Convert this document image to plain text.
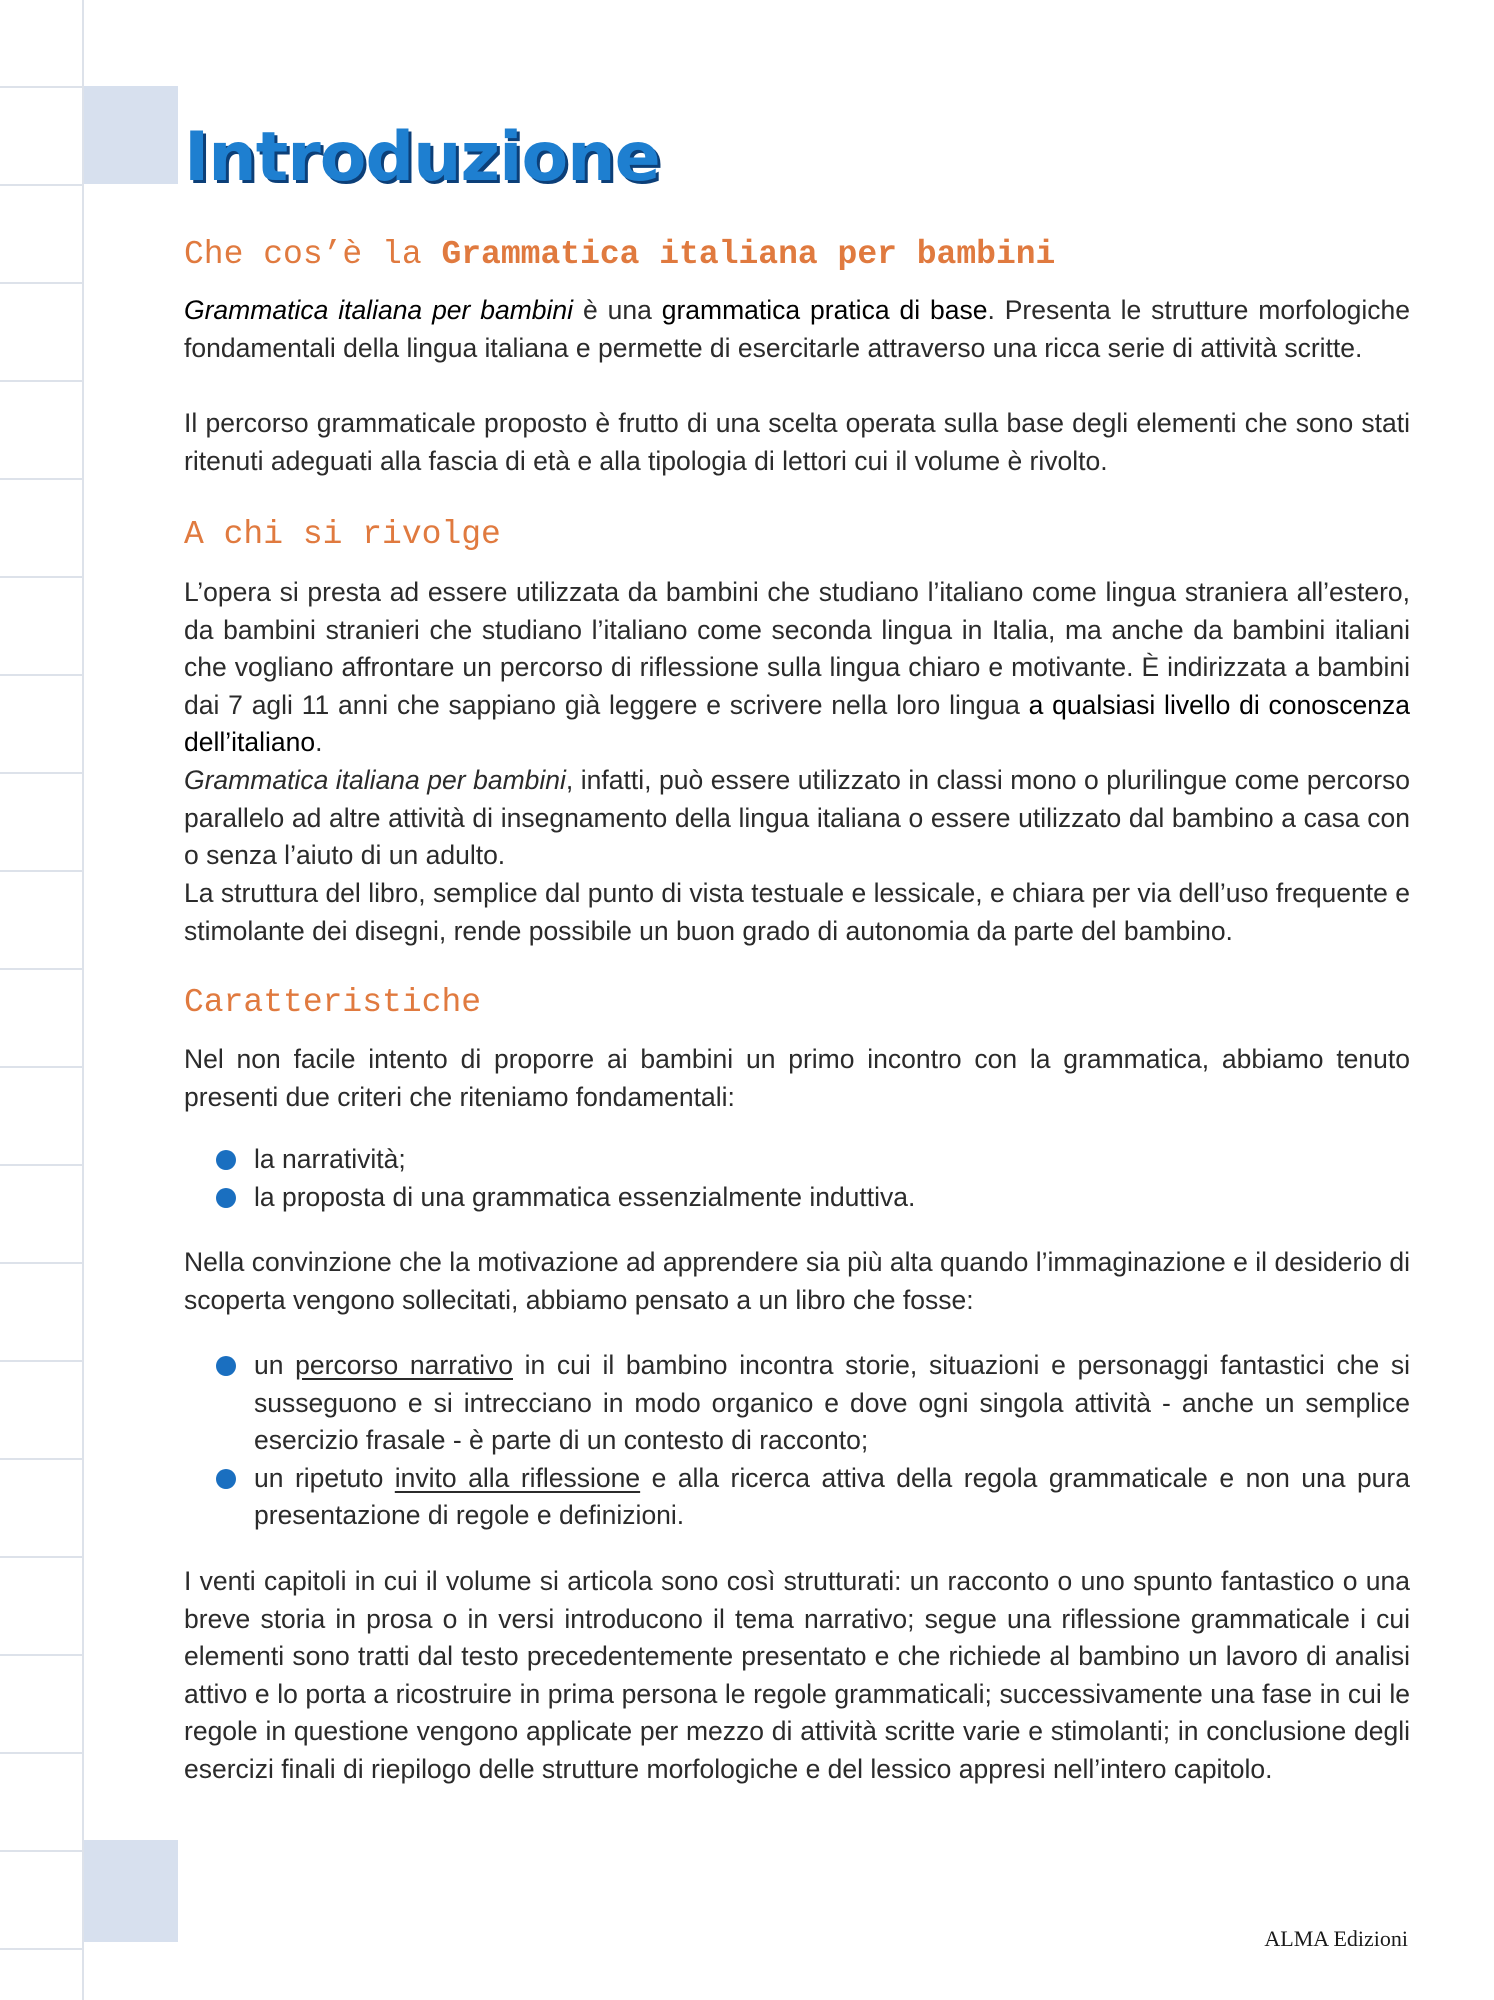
Introduzione
Che cos’è la Grammatica italiana per bambini

Grammatica italiana per bambini è una grammatica pratica di base. Presenta le strutture morfologiche fondamentali della lingua italiana e permette di esercitarle attraverso una ricca serie di attività scritte.

Il percorso grammaticale proposto è frutto di una scelta operata sulla base degli elementi che sono stati ritenuti adeguati alla fascia di età e alla tipologia di lettori cui il volume è rivolto.

A chi si rivolge

L’opera si presta ad essere utilizzata da bambini che studiano l’italiano come lingua straniera all’estero, da bambini stranieri che studiano l’italiano come seconda lingua in Italia, ma anche da bambini italiani che vogliano affrontare un percorso di riflessione sulla lingua chiaro e motivante. È indirizzata a bambini dai 7 agli 11 anni che sappiano già leggere e scrivere nella loro lingua a qualsiasi livello di conoscenza dell’italiano.

Grammatica italiana per bambini, infatti, può essere utilizzato in classi mono o plurilingue come percorso parallelo ad altre attività di insegnamento della lingua italiana o essere utilizzato dal bambino a casa con o senza l’aiuto di un adulto.

La struttura del libro, semplice dal punto di vista testuale e lessicale, e chiara per via dell’uso frequente e stimolante dei disegni, rende possibile un buon grado di autonomia da parte del bambino.

Caratteristiche

Nel non facile intento di proporre ai bambini un primo incontro con la grammatica, abbiamo tenuto presenti due criteri che riteniamo fondamentali:

la narratività;
la proposta di una grammatica essenzialmente induttiva.

Nella convinzione che la motivazione ad apprendere sia più alta quando l’immaginazione e il desiderio di scoperta vengono sollecitati, abbiamo pensato a un libro che fosse:

un percorso narrativo in cui il bambino incontra storie, situazioni e personaggi fantastici che si susseguono e si intrecciano in modo organico e dove ogni singola attività - anche un semplice esercizio frasale - è parte di un contesto di racconto;
un ripetuto invito alla riflessione e alla ricerca attiva della regola grammaticale e non una pura presentazione di regole e definizioni.

I venti capitoli in cui il volume si articola sono così strutturati: un racconto o uno spunto fantastico o una breve storia in prosa o in versi introducono il tema narrativo; segue una riflessione grammaticale i cui elementi sono tratti dal testo precedentemente presentato e che richiede al bambino un lavoro di analisi attivo e lo porta a ricostruire in prima persona le regole grammaticali; successivamente una fase in cui le regole in questione vengono applicate per mezzo di attività scritte varie e stimolanti; in conclusione degli esercizi finali di riepilogo delle strutture morfologiche e del lessico appresi nell’intero capitolo.

ALMA Edizioni
